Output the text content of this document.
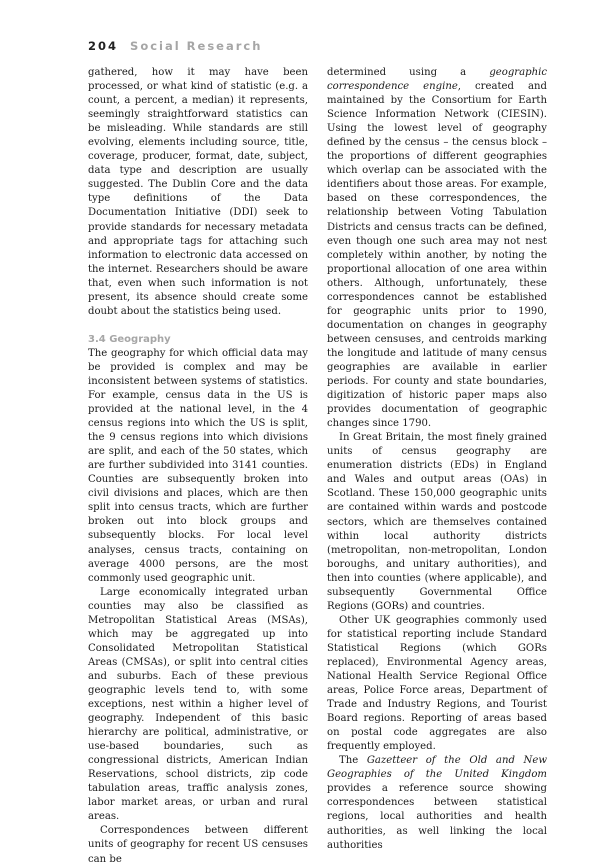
204 Social Research

gathered, how it may have been processed, or what kind of statistic (e.g. a count, a percent, a median) it represents, seemingly straightforward statistics can be misleading. While standards are still evolving, elements including source, title, coverage, producer, format, date, subject, data type and description are usually suggested. The Dublin Core and the data type definitions of the Data Documentation Initiative (DDI) seek to provide standards for necessary metadata and appropriate tags for attaching such information to electronic data accessed on the internet. Researchers should be aware that, even when such information is not present, its absence should create some doubt about the statistics being used.

3.4 Geography

The geography for which official data may be provided is complex and may be inconsistent between systems of statistics. For example, census data in the US is provided at the national level, in the 4 census regions into which the US is split, the 9 census regions into which divisions are split, and each of the 50 states, which are further subdivided into 3141 counties. Counties are subsequently broken into civil divisions and places, which are then split into census tracts, which are further broken out into block groups and subsequently blocks. For local level analyses, census tracts, containing on average 4000 persons, are the most commonly used geographic unit.

Large economically integrated urban counties may also be classified as Metropolitan Statistical Areas (MSAs), which may be aggregated up into Consolidated Metropolitan Statistical Areas (CMSAs), or split into central cities and suburbs. Each of these previous geographic levels tend to, with some exceptions, nest within a higher level of geography. Independent of this basic hierarchy are political, administrative, or use-based boundaries, such as congressional districts, American Indian Reservations, school districts, zip code tabulation areas, traffic analysis zones, labor market areas, or urban and rural areas.

Correspondences between different units of geography for recent US censuses can be

determined using a geographic correspondence engine, created and maintained by the Consortium for Earth Science Information Network (CIESIN). Using the lowest level of geography defined by the census – the census block – the proportions of different geographies which overlap can be associated with the identifiers about those areas. For example, based on these correspondences, the relationship between Voting Tabulation Districts and census tracts can be defined, even though one such area may not nest completely within another, by noting the proportional allocation of one area within others. Although, unfortunately, these correspondences cannot be established for geographic units prior to 1990, documentation on changes in geography between censuses, and centroids marking the longitude and latitude of many census geographies are available in earlier periods. For county and state boundaries, digitization of historic paper maps also provides documentation of geographic changes since 1790.

In Great Britain, the most finely grained units of census geography are enumeration districts (EDs) in England and Wales and output areas (OAs) in Scotland. These 150,000 geographic units are contained within wards and postcode sectors, which are themselves contained within local authority districts (metropolitan, non-metropolitan, London boroughs, and unitary authorities), and then into counties (where applicable), and subsequently Governmental Office Regions (GORs) and countries.

Other UK geographies commonly used for statistical reporting include Standard Statistical Regions (which GORs replaced), Environmental Agency areas, National Health Service Regional Office areas, Police Force areas, Department of Trade and Industry Regions, and Tourist Board regions. Reporting of areas based on postal code aggregates are also frequently employed.

The Gazetteer of the Old and New Geographies of the United Kingdom provides a reference source showing correspondences between statistical regions, local authorities and health authorities, as well linking the local authorities
